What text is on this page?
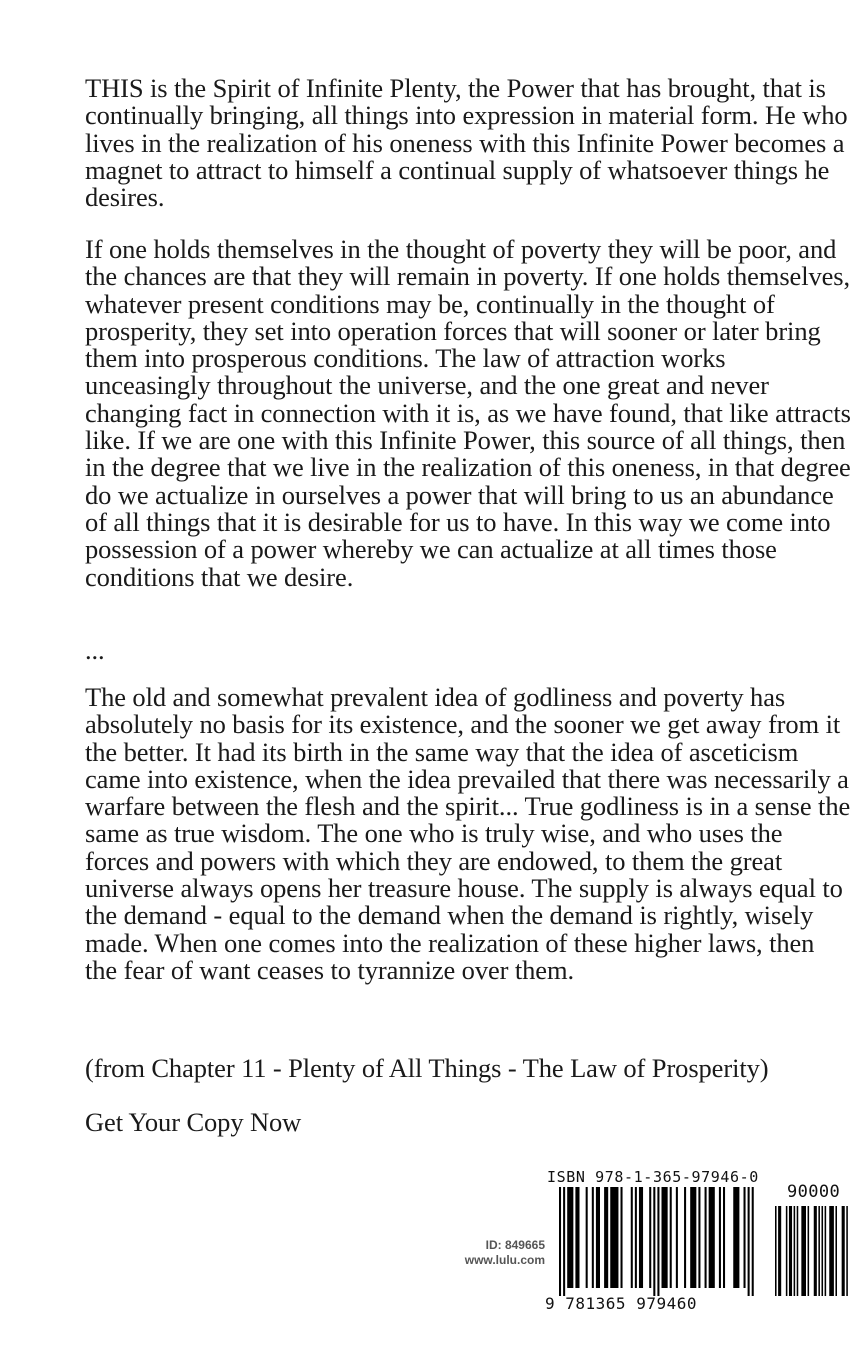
THIS is the Spirit of Infinite Plenty, the Power that has brought, that is continually bringing, all things into expression in material form. He who lives in the realization of his oneness with this Infinite Power becomes a magnet to attract to himself a continual supply of whatsoever things he desires.

If one holds themselves in the thought of poverty they will be poor, and the chances are that they will remain in poverty. If one holds themselves, whatever present conditions may be, continually in the thought of prosperity, they set into operation forces that will sooner or later bring them into prosperous conditions. The law of attraction works unceasingly throughout the universe, and the one great and never changing fact in connection with it is, as we have found, that like attracts like. If we are one with this Infinite Power, this source of all things, then in the degree that we live in the realization of this oneness, in that degree do we actualize in ourselves a power that will bring to us an abundance of all things that it is desirable for us to have. In this way we come into possession of a power whereby we can actualize at all times those conditions that we desire.

...

The old and somewhat prevalent idea of godliness and poverty has absolutely no basis for its existence, and the sooner we get away from it the better. It had its birth in the same way that the idea of asceticism came into existence, when the idea prevailed that there was necessarily a warfare between the flesh and the spirit... True godliness is in a sense the same as true wisdom. The one who is truly wise, and who uses the forces and powers with which they are endowed, to them the great universe always opens her treasure house. The supply is always equal to the demand - equal to the demand when the demand is rightly, wisely made. When one comes into the realization of these higher laws, then the fear of want ceases to tyrannize over them.

(from Chapter 11 - Plenty of All Things - The Law of Prosperity)

Get Your Copy Now

ID: 849665
www.lulu.com
ISBN 978-1-365-97946-0
90000
9 781365 979460
